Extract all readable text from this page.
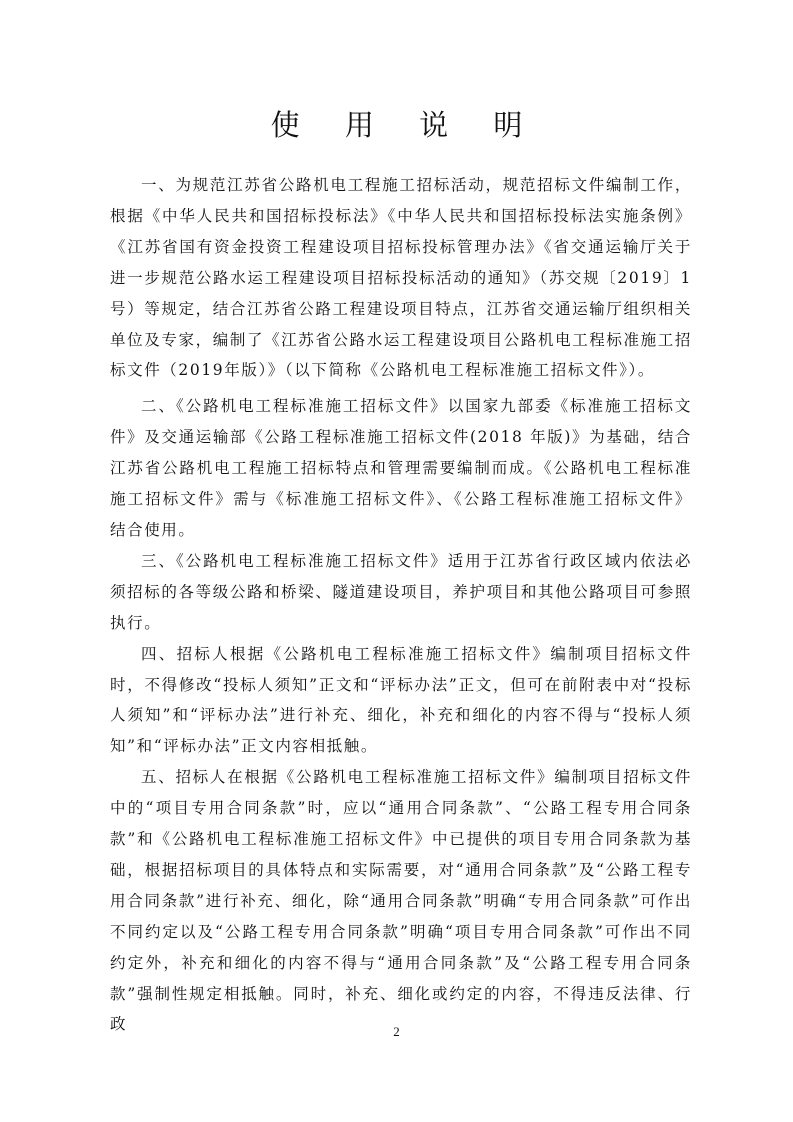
使 用 说 明

一、为规范江苏省公路机电工程施工招标活动，规范招标文件编制工作，根据《中华人民共和国招标投标法》《中华人民共和国招标投标法实施条例》《江苏省国有资金投资工程建设项目招标投标管理办法》《省交通运输厅关于进一步规范公路水运工程建设项目招标投标活动的通知》（苏交规〔2019〕1号）等规定，结合江苏省公路工程建设项目特点，江苏省交通运输厅组织相关单位及专家，编制了《江苏省公路水运工程建设项目公路机电工程标准施工招标文件（2019年版）》（以下简称《公路机电工程标准施工招标文件》）。

二、《公路机电工程标准施工招标文件》以国家九部委《标准施工招标文件》及交通运输部《公路工程标准施工招标文件(2018 年版)》为基础，结合江苏省公路机电工程施工招标特点和管理需要编制而成。《公路机电工程标准施工招标文件》需与《标准施工招标文件》、《公路工程标准施工招标文件》结合使用。

三、《公路机电工程标准施工招标文件》适用于江苏省行政区域内依法必须招标的各等级公路和桥梁、隧道建设项目，养护项目和其他公路项目可参照执行。

四、招标人根据《公路机电工程标准施工招标文件》编制项目招标文件时，不得修改“投标人须知”正文和“评标办法”正文，但可在前附表中对“投标人须知”和“评标办法”进行补充、细化，补充和细化的内容不得与“投标人须知”和“评标办法”正文内容相抵触。

五、招标人在根据《公路机电工程标准施工招标文件》编制项目招标文件中的“项目专用合同条款”时，应以“通用合同条款”、“公路工程专用合同条款”和《公路机电工程标准施工招标文件》中已提供的项目专用合同条款为基础，根据招标项目的具体特点和实际需要，对“通用合同条款”及“公路工程专用合同条款”进行补充、细化，除“通用合同条款”明确“专用合同条款”可作出不同约定以及“公路工程专用合同条款”明确“项目专用合同条款”可作出不同约定外，补充和细化的内容不得与“通用合同条款”及“公路工程专用合同条款”强制性规定相抵触。同时，补充、细化或约定的内容，不得违反法律、行政	2
